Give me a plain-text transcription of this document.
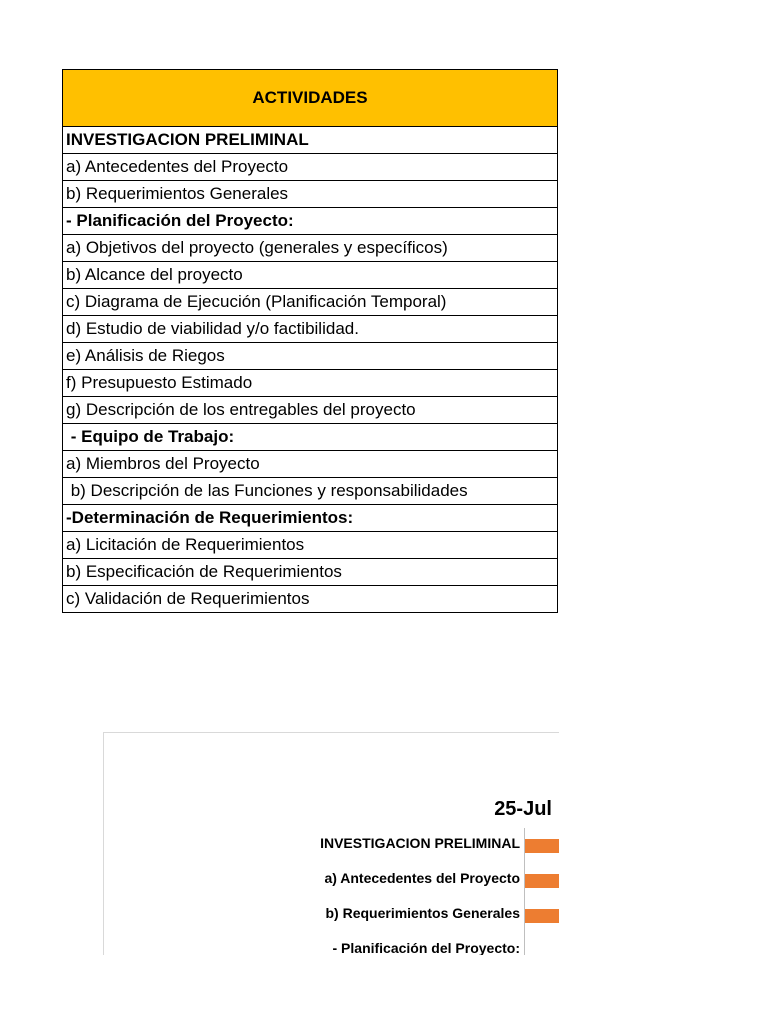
ACTIVIDADES
INVESTIGACION PRELIMINAL
a) Antecedentes del Proyecto
b) Requerimientos Generales
- Planificación del Proyecto:
a) Objetivos del proyecto (generales y específicos)
b) Alcance del proyecto
c) Diagrama de Ejecución (Planificación Temporal)
d) Estudio de viabilidad y/o factibilidad.
e) Análisis de Riegos
f) Presupuesto Estimado
g) Descripción de los entregables del proyecto
- Equipo de Trabajo:
a) Miembros del Proyecto
b) Descripción de las Funciones y responsabilidades
-Determinación de Requerimientos:
a) Licitación de Requerimientos
b) Especificación de Requerimientos
c) Validación de Requerimientos
25-Jul
INVESTIGACION PRELIMINAL
a) Antecedentes del Proyecto
b) Requerimientos Generales
- Planificación del Proyecto:
